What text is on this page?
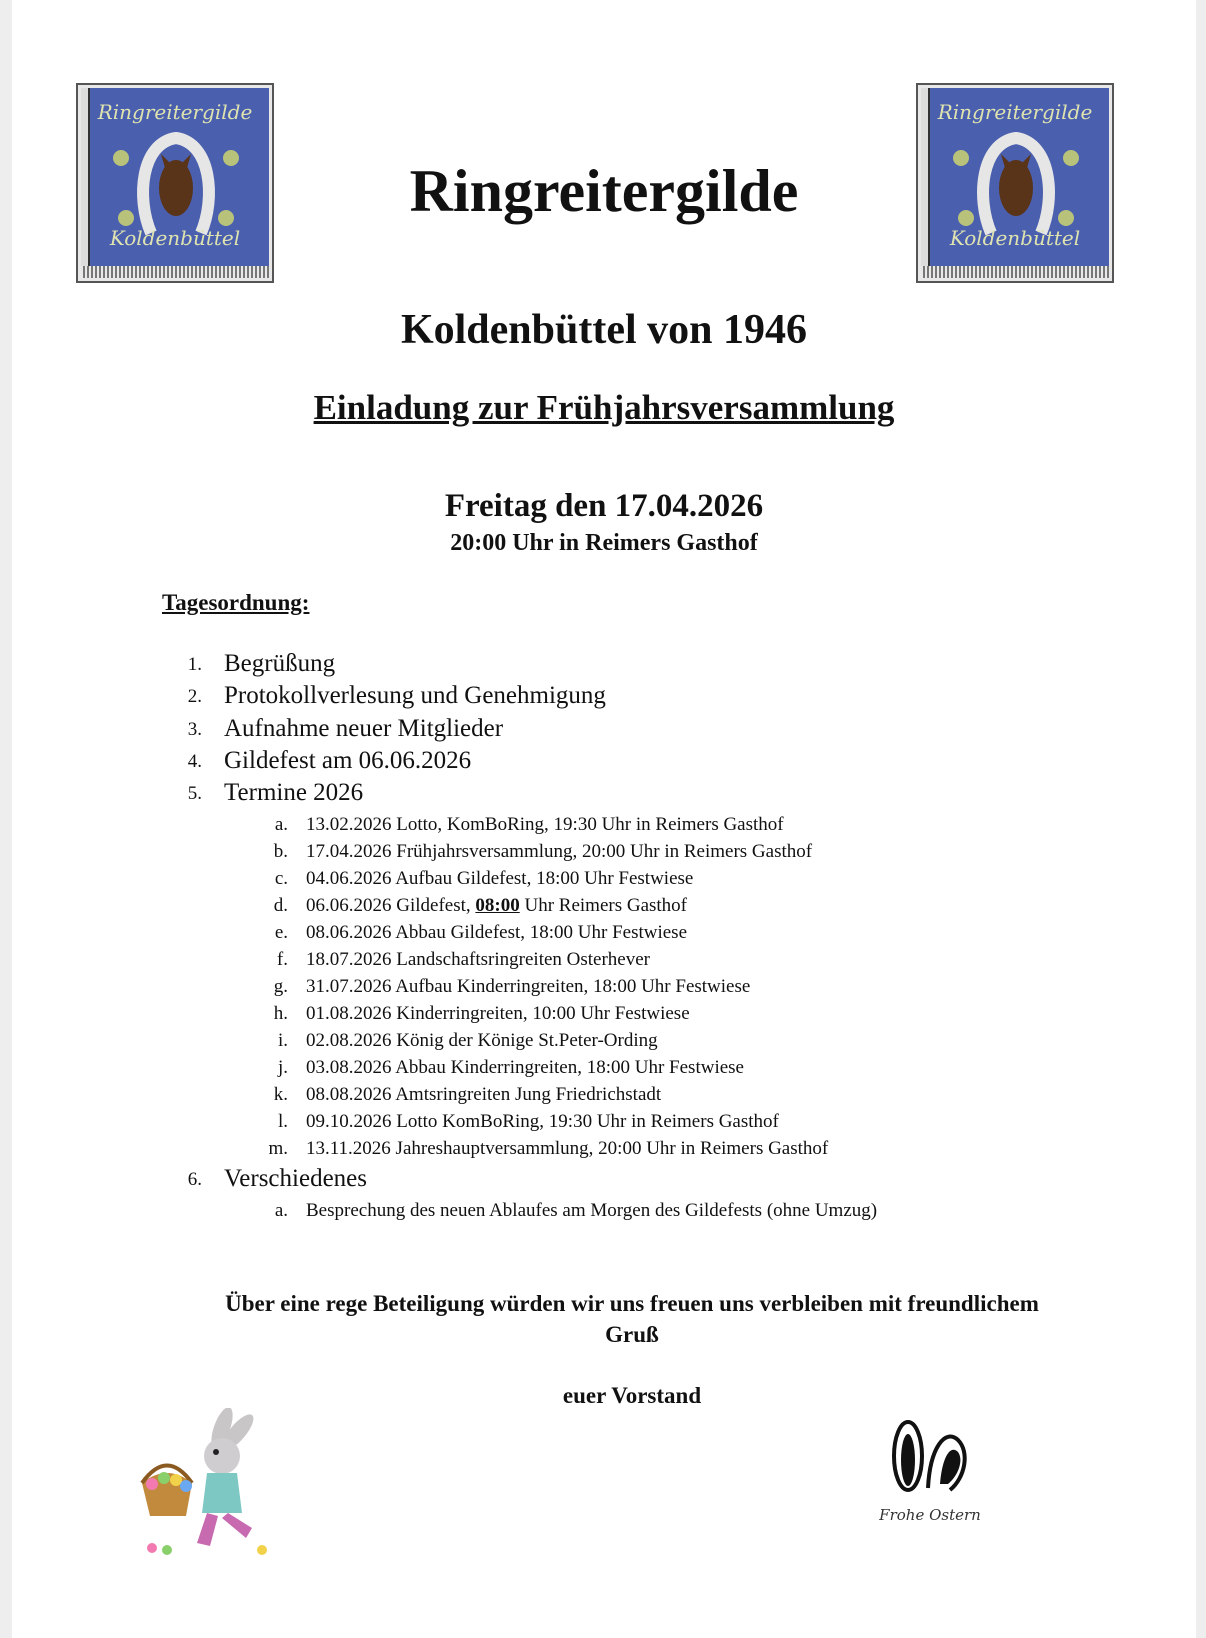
Ringreitergilde
Koldenbüttel
Ringreitergilde
Koldenbüttel
Ringreitergilde
Koldenbüttel von 1946
Einladung zur Frühjahrsversammlung
Freitag den 17.04.2026
20:00 Uhr in Reimers Gasthof
Tagesordnung:
1. Begrüßung
2. Protokollverlesung und Genehmigung
3. Aufnahme neuer Mitglieder
4. Gildefest am 06.06.2026
5. Termine 2026
a. 13.02.2026 Lotto, KomBoRing, 19:30 Uhr in Reimers Gasthof
b. 17.04.2026 Frühjahrsversammlung, 20:00 Uhr in Reimers Gasthof
c. 04.06.2026 Aufbau Gildefest, 18:00 Uhr Festwiese
d. 06.06.2026 Gildefest, 08:00 Uhr Reimers Gasthof
e. 08.06.2026 Abbau Gildefest, 18:00 Uhr Festwiese
f. 18.07.2026 Landschaftsringreiten Osterhever
g. 31.07.2026 Aufbau Kinderringreiten, 18:00 Uhr Festwiese
h. 01.08.2026 Kinderringreiten, 10:00 Uhr Festwiese
i. 02.08.2026 König der Könige St.Peter-Ording
j. 03.08.2026 Abbau Kinderringreiten, 18:00 Uhr Festwiese
k. 08.08.2026 Amtsringreiten Jung Friedrichstadt
l. 09.10.2026 Lotto KomBoRing, 19:30 Uhr in Reimers Gasthof
m. 13.11.2026 Jahreshauptversammlung, 20:00 Uhr in Reimers Gasthof
6. Verschiedenes
a. Besprechung des neuen Ablaufes am Morgen des Gildefests (ohne Umzug)
Über eine rege Beteiligung würden wir uns freuen uns verbleiben mit freundlichem
Gruß
euer Vorstand
Frohe Ostern
